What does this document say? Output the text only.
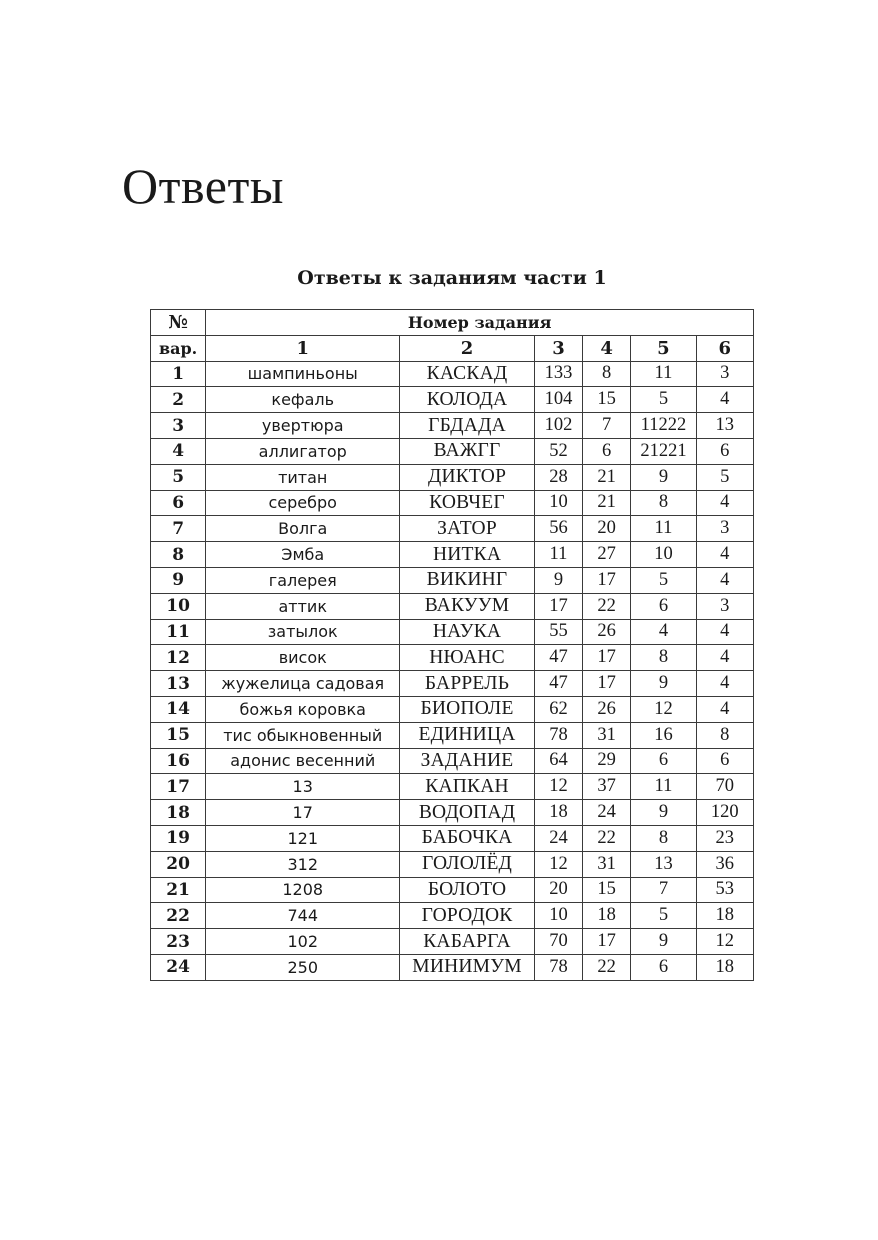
Ответы
Ответы к заданиям части 1
№	Номер задания					
вар.	1	2	3	4	5	6
1	шампиньоны	КАСКАД	133	8	11	3
2	кефаль	КОЛОДА	104	15	5	4
3	увертюра	ГБДАДА	102	7	11222	13
4	аллигатор	ВАЖГГ	52	6	21221	6
5	титан	ДИКТОР	28	21	9	5
6	серебро	КОВЧЕГ	10	21	8	4
7	Волга	ЗАТОР	56	20	11	3
8	Эмба	НИТКА	11	27	10	4
9	галерея	ВИКИНГ	9	17	5	4
10	аттик	ВАКУУМ	17	22	6	3
11	затылок	НАУКА	55	26	4	4
12	висок	НЮАНС	47	17	8	4
13	жужелица садовая	БАРРЕЛЬ	47	17	9	4
14	божья коровка	БИОПОЛЕ	62	26	12	4
15	тис обыкновенный	ЕДИНИЦА	78	31	16	8
16	адонис весенний	ЗАДАНИЕ	64	29	6	6
17	13	КАПКАН	12	37	11	70
18	17	ВОДОПАД	18	24	9	120
19	121	БАБОЧКА	24	22	8	23
20	312	ГОЛОЛЁД	12	31	13	36
21	1208	БОЛОТО	20	15	7	53
22	744	ГОРОДОК	10	18	5	18
23	102	КАБАРГА	70	17	9	12
24	250	МИНИМУМ	78	22	6	18
